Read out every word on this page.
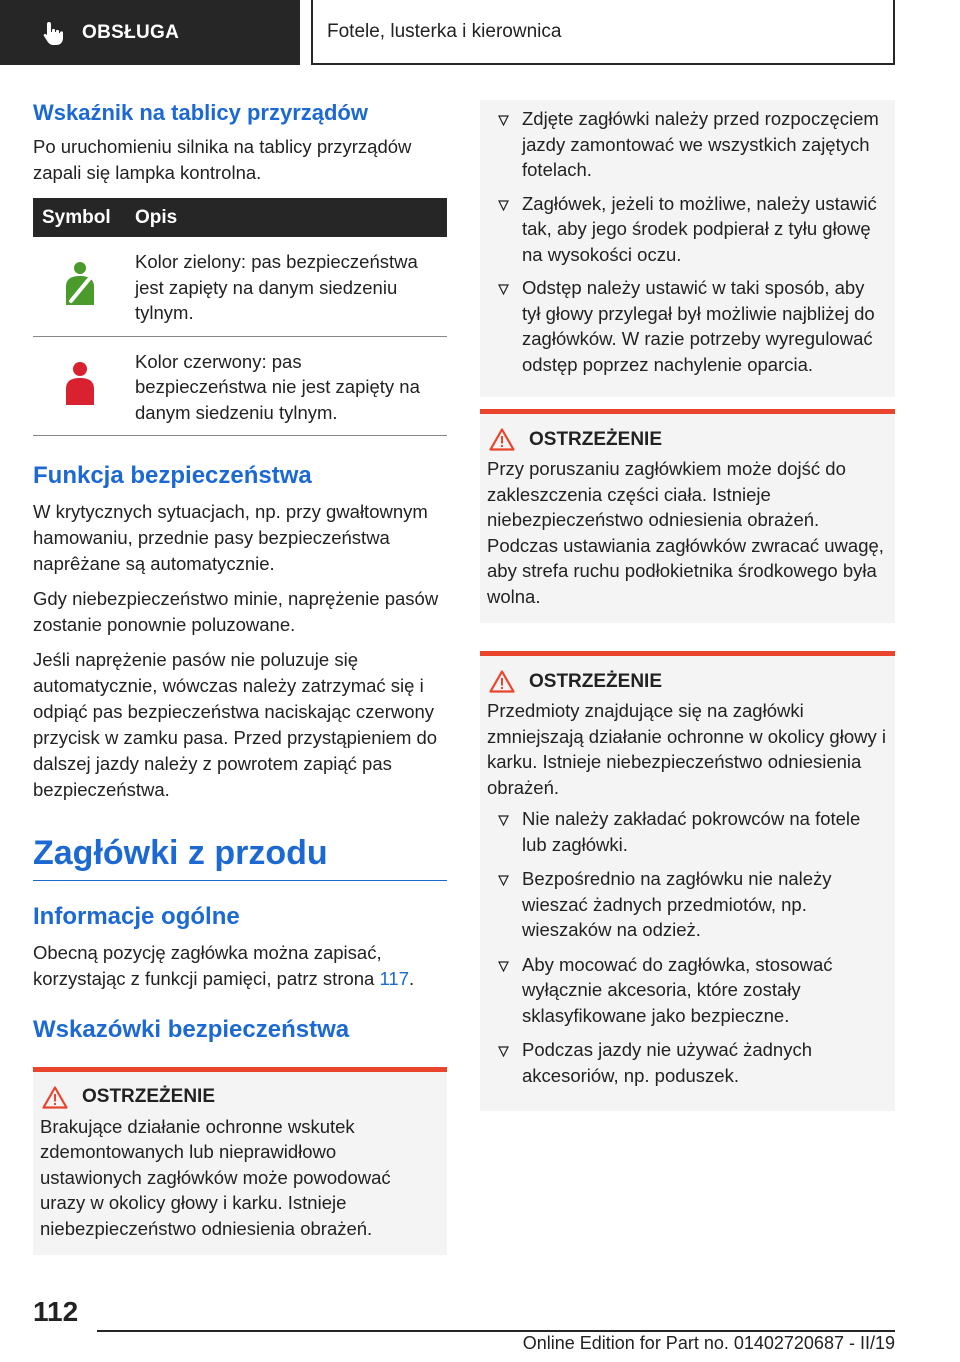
OBSŁUGA	Fotele, lusterka i kierownica
Wskaźnik na tablicy przyrządów

Po uruchomieniu silnika na tablicy przyrządów zapali się lampka kontrolna.

Symbol	Opis
	Kolor zielony: pas bezpieczeństwa jest zapięty na danym siedzeniu tylnym.
	Kolor czerwony: pas bezpieczeństwa nie jest zapięty na danym siedzeniu tylnym.
Funkcja bezpieczeństwa

W krytycznych sytuacjach, np. przy gwałtownym hamowaniu, przednie pasy bezpieczeństwa naprêżane są automatycznie.

Gdy niebezpieczeństwo minie, naprężenie pasów zostanie ponownie poluzowane.

Jeśli naprężenie pasów nie poluzuje się automatycznie, wówczas należy zatrzymać się i odpiąć pas bezpieczeństwa naciskając czerwony przycisk w zamku pasa. Przed przystąpieniem do dalszej jazdy należy z powrotem zapiąć pas bezpieczeństwa.

Zagłówki z przodu
Informacje ogólne

Obecną pozycję zagłówka można zapisać, korzystając z funkcji pamięci, patrz strona 117.

Wskazówki bezpieczeństwa
OSTRZEŻENIE

Brakujące działanie ochronne wskutek zdemontowanych lub nieprawidłowo ustawionych zagłówków może powodować urazy w okolicy głowy i karku. Istnieje niebezpieczeństwo odniesienia obrażeń.

Zdjęte zagłówki należy przed rozpoczęciem jazdy zamontować we wszystkich zajętych fotelach.
Zagłówek, jeżeli to możliwe, należy ustawić tak, aby jego środek podpierał z tyłu głowę na wysokości oczu.
Odstęp należy ustawić w taki sposób, aby tył głowy przylegał był możliwie najbliżej do zagłówków. W razie potrzeby wyregulować odstęp poprzez nachylenie oparcia.
OSTRZEŻENIE

Przy poruszaniu zagłówkiem może dojść do zakleszczenia części ciała. Istnieje niebezpieczeństwo odniesienia obrażeń. Podczas ustawiania zagłówków zwracać uwagę, aby strefa ruchu podłokietnika środkowego była wolna.

OSTRZEŻENIE

Przedmioty znajdujące się na zagłówki zmniejszają działanie ochronne w okolicy głowy i karku. Istnieje niebezpieczeństwo odniesienia obrażeń.

Nie należy zakładać pokrowców na fotele lub zagłówki.
Bezpośrednio na zagłówku nie należy wieszać żadnych przedmiotów, np. wieszaków na odzież.
Aby mocować do zagłówka, stosować wyłącznie akcesoria, które zostały sklasyfikowane jako bezpieczne.
Podczas jazdy nie używać żadnych akcesoriów, np. poduszek.
112
Online Edition for Part no. 01402720687 - II/19
